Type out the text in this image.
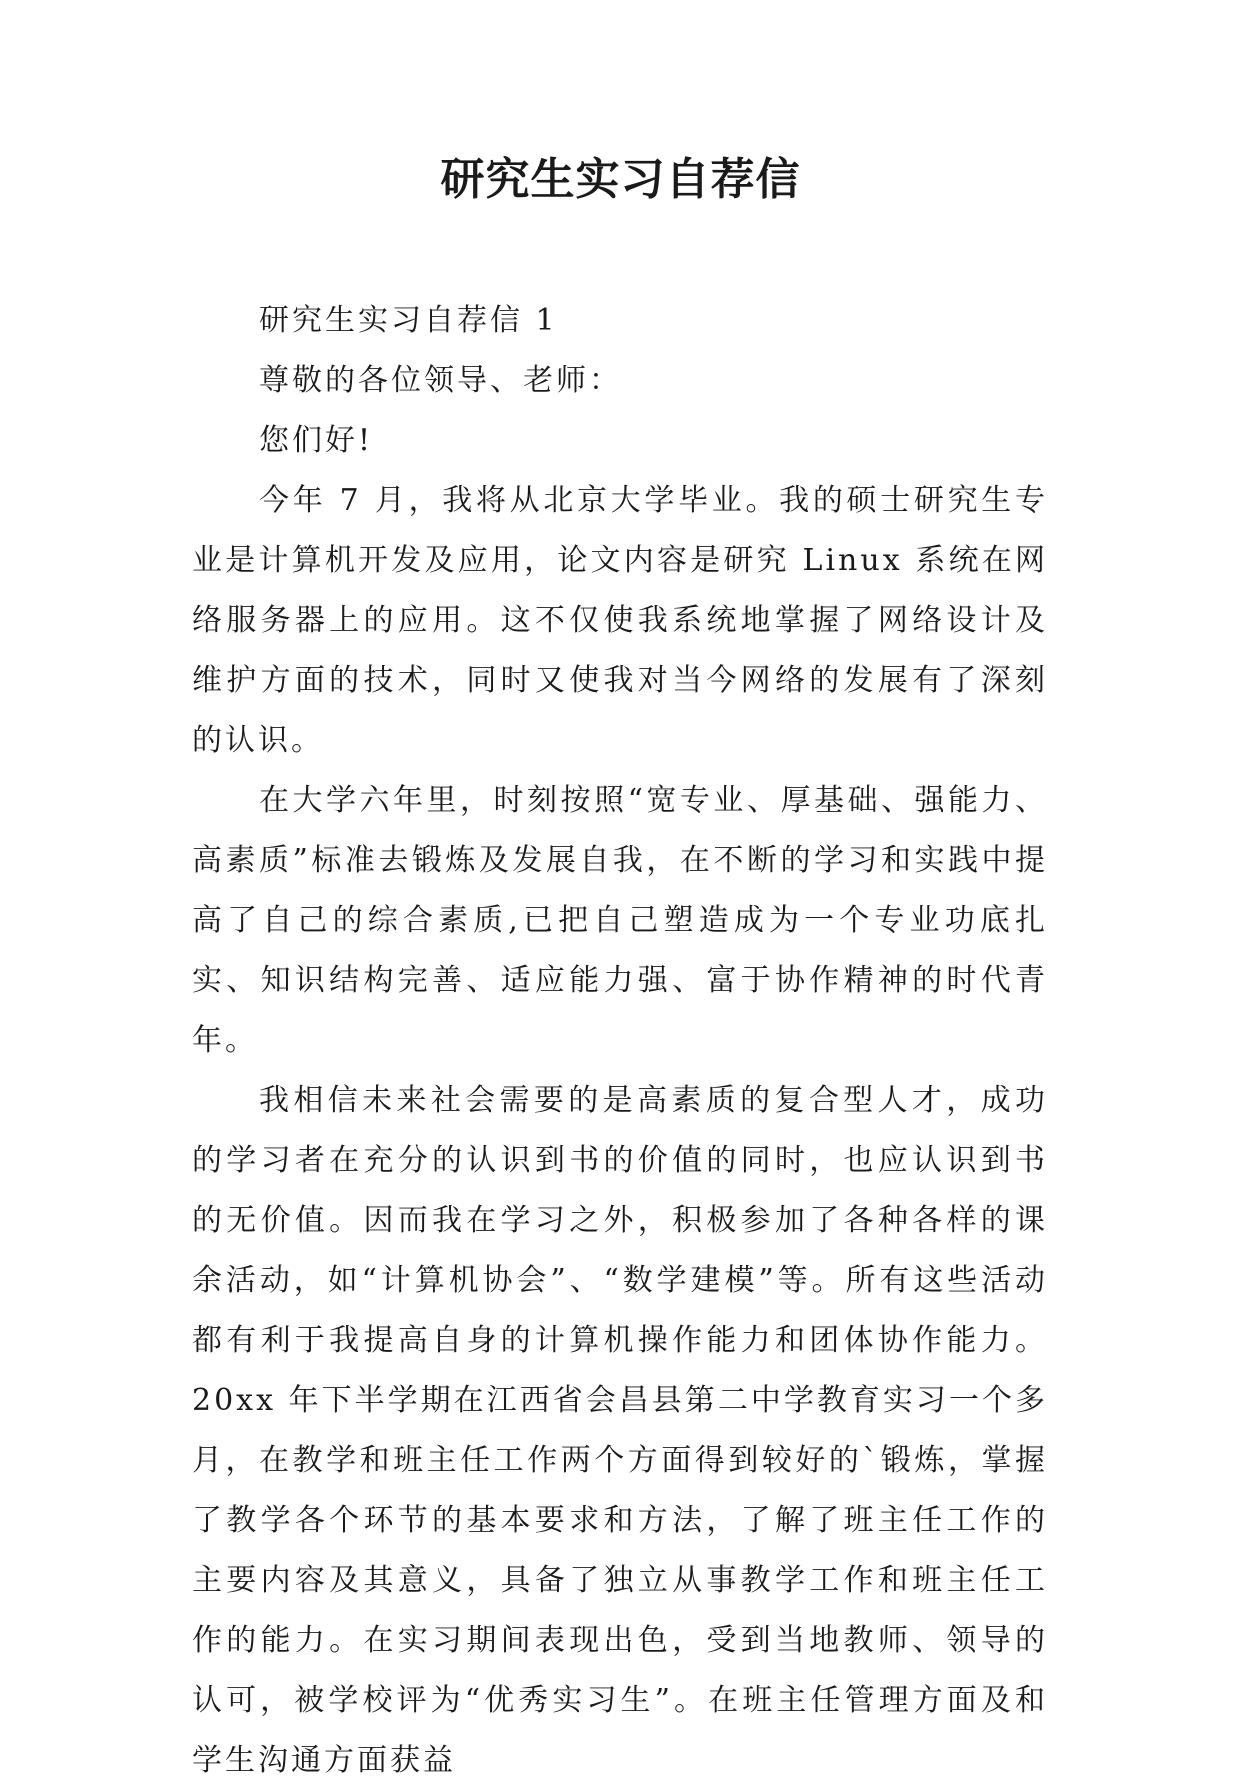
研究生实习自荐信

研究生实习自荐信 1

尊敬的各位领导、老师：

您们好!

今年 7 月，我将从北京大学毕业。我的硕士研究生专业是计算机开发及应用，论文内容是研究 Linux 系统在网络服务器上的应用。这不仅使我系统地掌握了网络设计及维护方面的技术，同时又使我对当今网络的发展有了深刻的认识。

在大学六年里，时刻按照“宽专业、厚基础、强能力、高素质”标准去锻炼及发展自我，在不断的学习和实践中提高了自己的综合素质,已把自己塑造成为一个专业功底扎实、知识结构完善、适应能力强、富于协作精神的时代青年。

我相信未来社会需要的是高素质的复合型人才，成功的学习者在充分的认识到书的价值的同时，也应认识到书的无价值。因而我在学习之外，积极参加了各种各样的课余活动，如“计算机协会”、“数学建模”等。所有这些活动都有利于我提高自身的计算机操作能力和团体协作能力。20xx 年下半学期在江西省会昌县第二中学教育实习一个多月，在教学和班主任工作两个方面得到较好的`锻炼，掌握了教学各个环节的基本要求和方法，了解了班主任工作的主要内容及其意义，具备了独立从事教学工作和班主任工作的能力。在实习期间表现出色，受到当地教师、领导的认可，被学校评为“优秀实习生”。在班主任管理方面及和学生沟通方面获益
